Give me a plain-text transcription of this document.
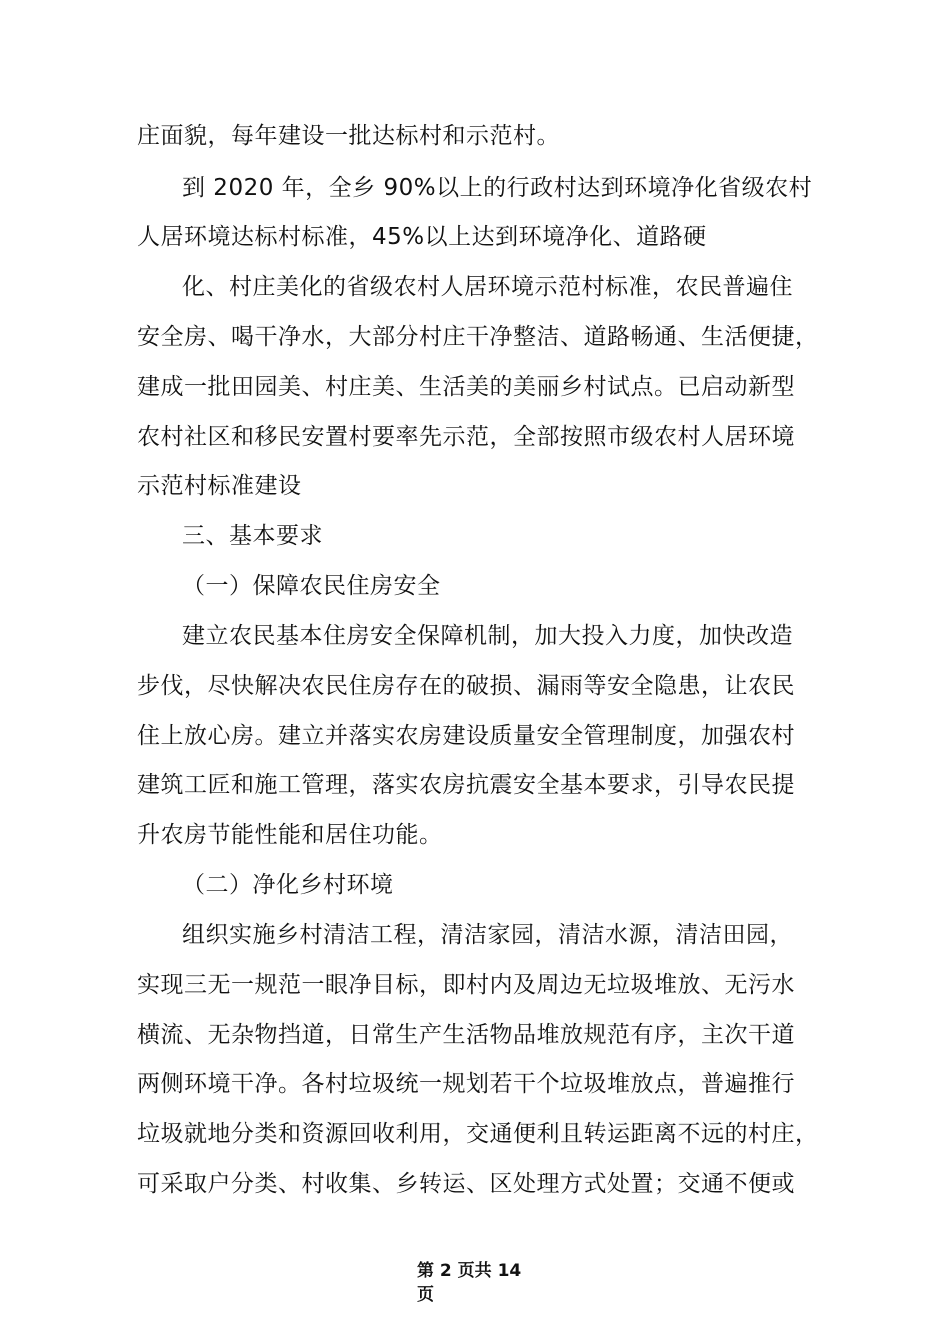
庄面貌，每年建设一批达标村和示范村。
到 2020 年，全乡 90%以上的行政村达到环境净化省级农村
人居环境达标村标准，45%以上达到环境净化、道路硬
化、村庄美化的省级农村人居环境示范村标准，农民普遍住
安全房、喝干净水，大部分村庄干净整洁、道路畅通、生活便捷，
建成一批田园美、村庄美、生活美的美丽乡村试点。已启动新型
农村社区和移民安置村要率先示范，全部按照市级农村人居环境
示范村标准建设
三、基本要求
（一）保障农民住房安全
建立农民基本住房安全保障机制，加大投入力度，加快改造
步伐，尽快解决农民住房存在的破损、漏雨等安全隐患，让农民
住上放心房。建立并落实农房建设质量安全管理制度，加强农村
建筑工匠和施工管理，落实农房抗震安全基本要求，引导农民提
升农房节能性能和居住功能。
（二）净化乡村环境
组织实施乡村清洁工程，清洁家园，清洁水源，清洁田园，
实现三无一规范一眼净目标，即村内及周边无垃圾堆放、无污水
横流、无杂物挡道，日常生产生活物品堆放规范有序，主次干道
两侧环境干净。各村垃圾统一规划若干个垃圾堆放点，普遍推行
垃圾就地分类和资源回收利用，交通便利且转运距离不远的村庄，
可采取户分类、村收集、乡转运、区处理方式处置；交通不便或
第 2 页共 14
页
